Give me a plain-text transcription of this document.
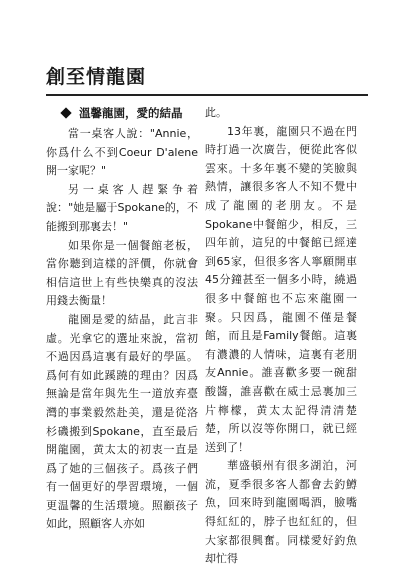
創至情龍園
溫馨龍園，愛的結晶

當一桌客人說："Annie，你爲什么不到Coeur D'alene開一家呢？"

另一桌客人趕緊争着說："她是屬于Spokane的，不能搬到那裏去！"

如果你是一個餐館老板，當你聽到這樣的評價，你就會相信這世上有些快樂真的沒法用錢去衡量！

龍園是愛的結晶，此言非虛。光拿它的選址來說，當初不過因爲這裏有最好的學區。爲何有如此蹊蹺的理由？因爲無論是當年與先生一道放弃臺灣的事業毅然赴美，還是從洛杉磯搬到Spokane，直至最后開龍園，黄太太的初衷一直是爲了她的三個孩子。爲孩子們有一個更好的學習環境，一個更温馨的生活環境。照顧孩子如此，照顧客人亦如

此。

13年裏，龍園只不過在門時打過一次廣告，便從此客似雲來。十多年裏不變的笑臉與熱情，讓很多客人不知不覺中成了龍園的老朋友。不是Spokane中餐館少，相反，三四年前，這兒的中餐館已經達到65家，但很多客人寧願開車45分鐘甚至一個多小時，繞過很多中餐館也不忘來龍園一聚。只因爲，龍園不僅是餐館，而且是Family餐館。這裏有濃濃的人情味，這裏有老朋友Annie。誰喜歡多要一碗甜酸醬，誰喜歡在威士忌裏加三片檸檬，黄太太記得清清楚楚，所以沒等你開口，就已經送到了！

華盛頓州有很多湖泊，河流，夏季很多客人都會去釣鱒魚，回來時到龍園喝酒，臉嘴得紅紅的，脖子也紅紅的，但大家都很興奮。同樣愛好釣魚却忙得
